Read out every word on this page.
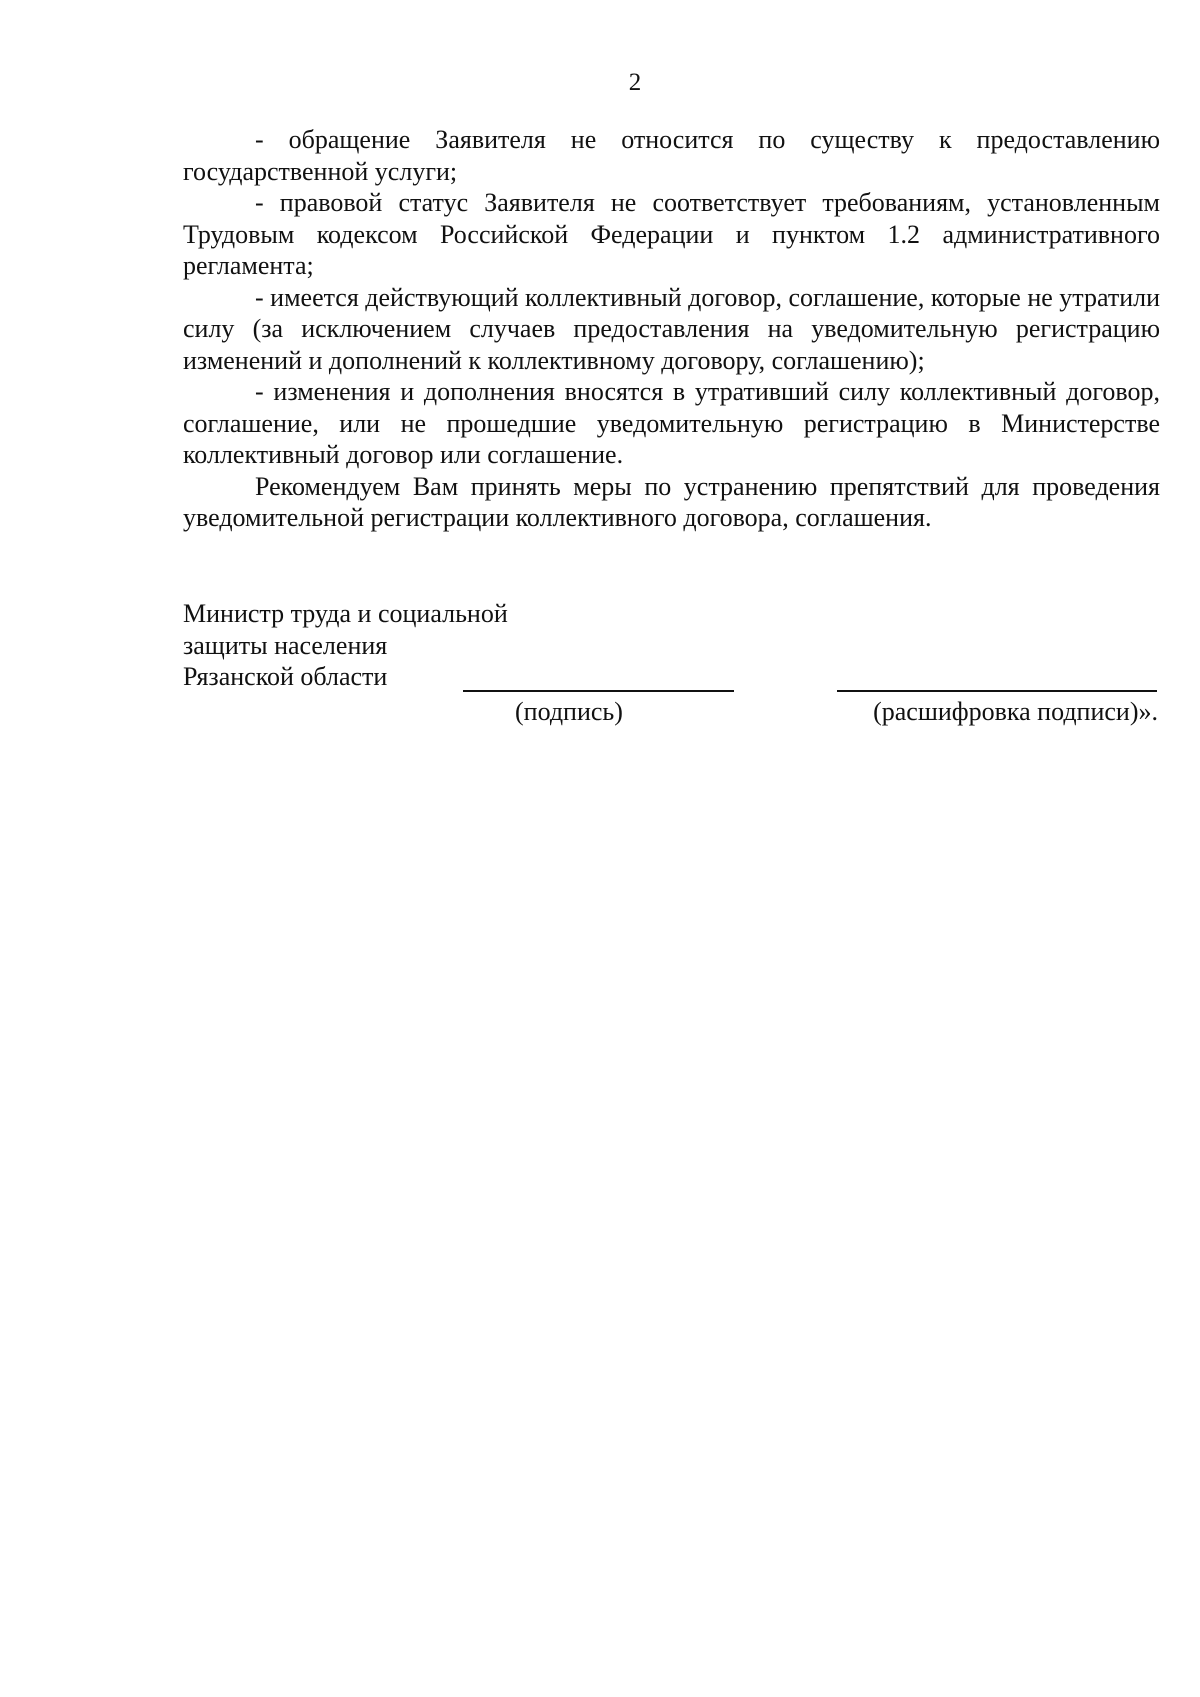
2

- обращение Заявителя не относится по существу к предоставлению государственной услуги;

- правовой статус Заявителя не соответствует требованиям, установленным Трудовым кодексом Российской Федерации и пунктом 1.2 административного регламента;

- имеется действующий коллективный договор, соглашение, которые не утратили силу (за исключением случаев предоставления на уведомительную регистрацию изменений и дополнений к коллективному договору, соглашению);

- изменения и дополнения вносятся в утративший силу коллективный договор, соглашение, или не прошедшие уведомительную регистрацию в Министерстве коллективный договор или соглашение.

Рекомендуем Вам принять меры по устранению препятствий для проведения уведомительной регистрации коллективного договора, соглашения.

Министр труда и социальной

защиты населения

Рязанской области

(подпись)	(расшифровка подписи)».
